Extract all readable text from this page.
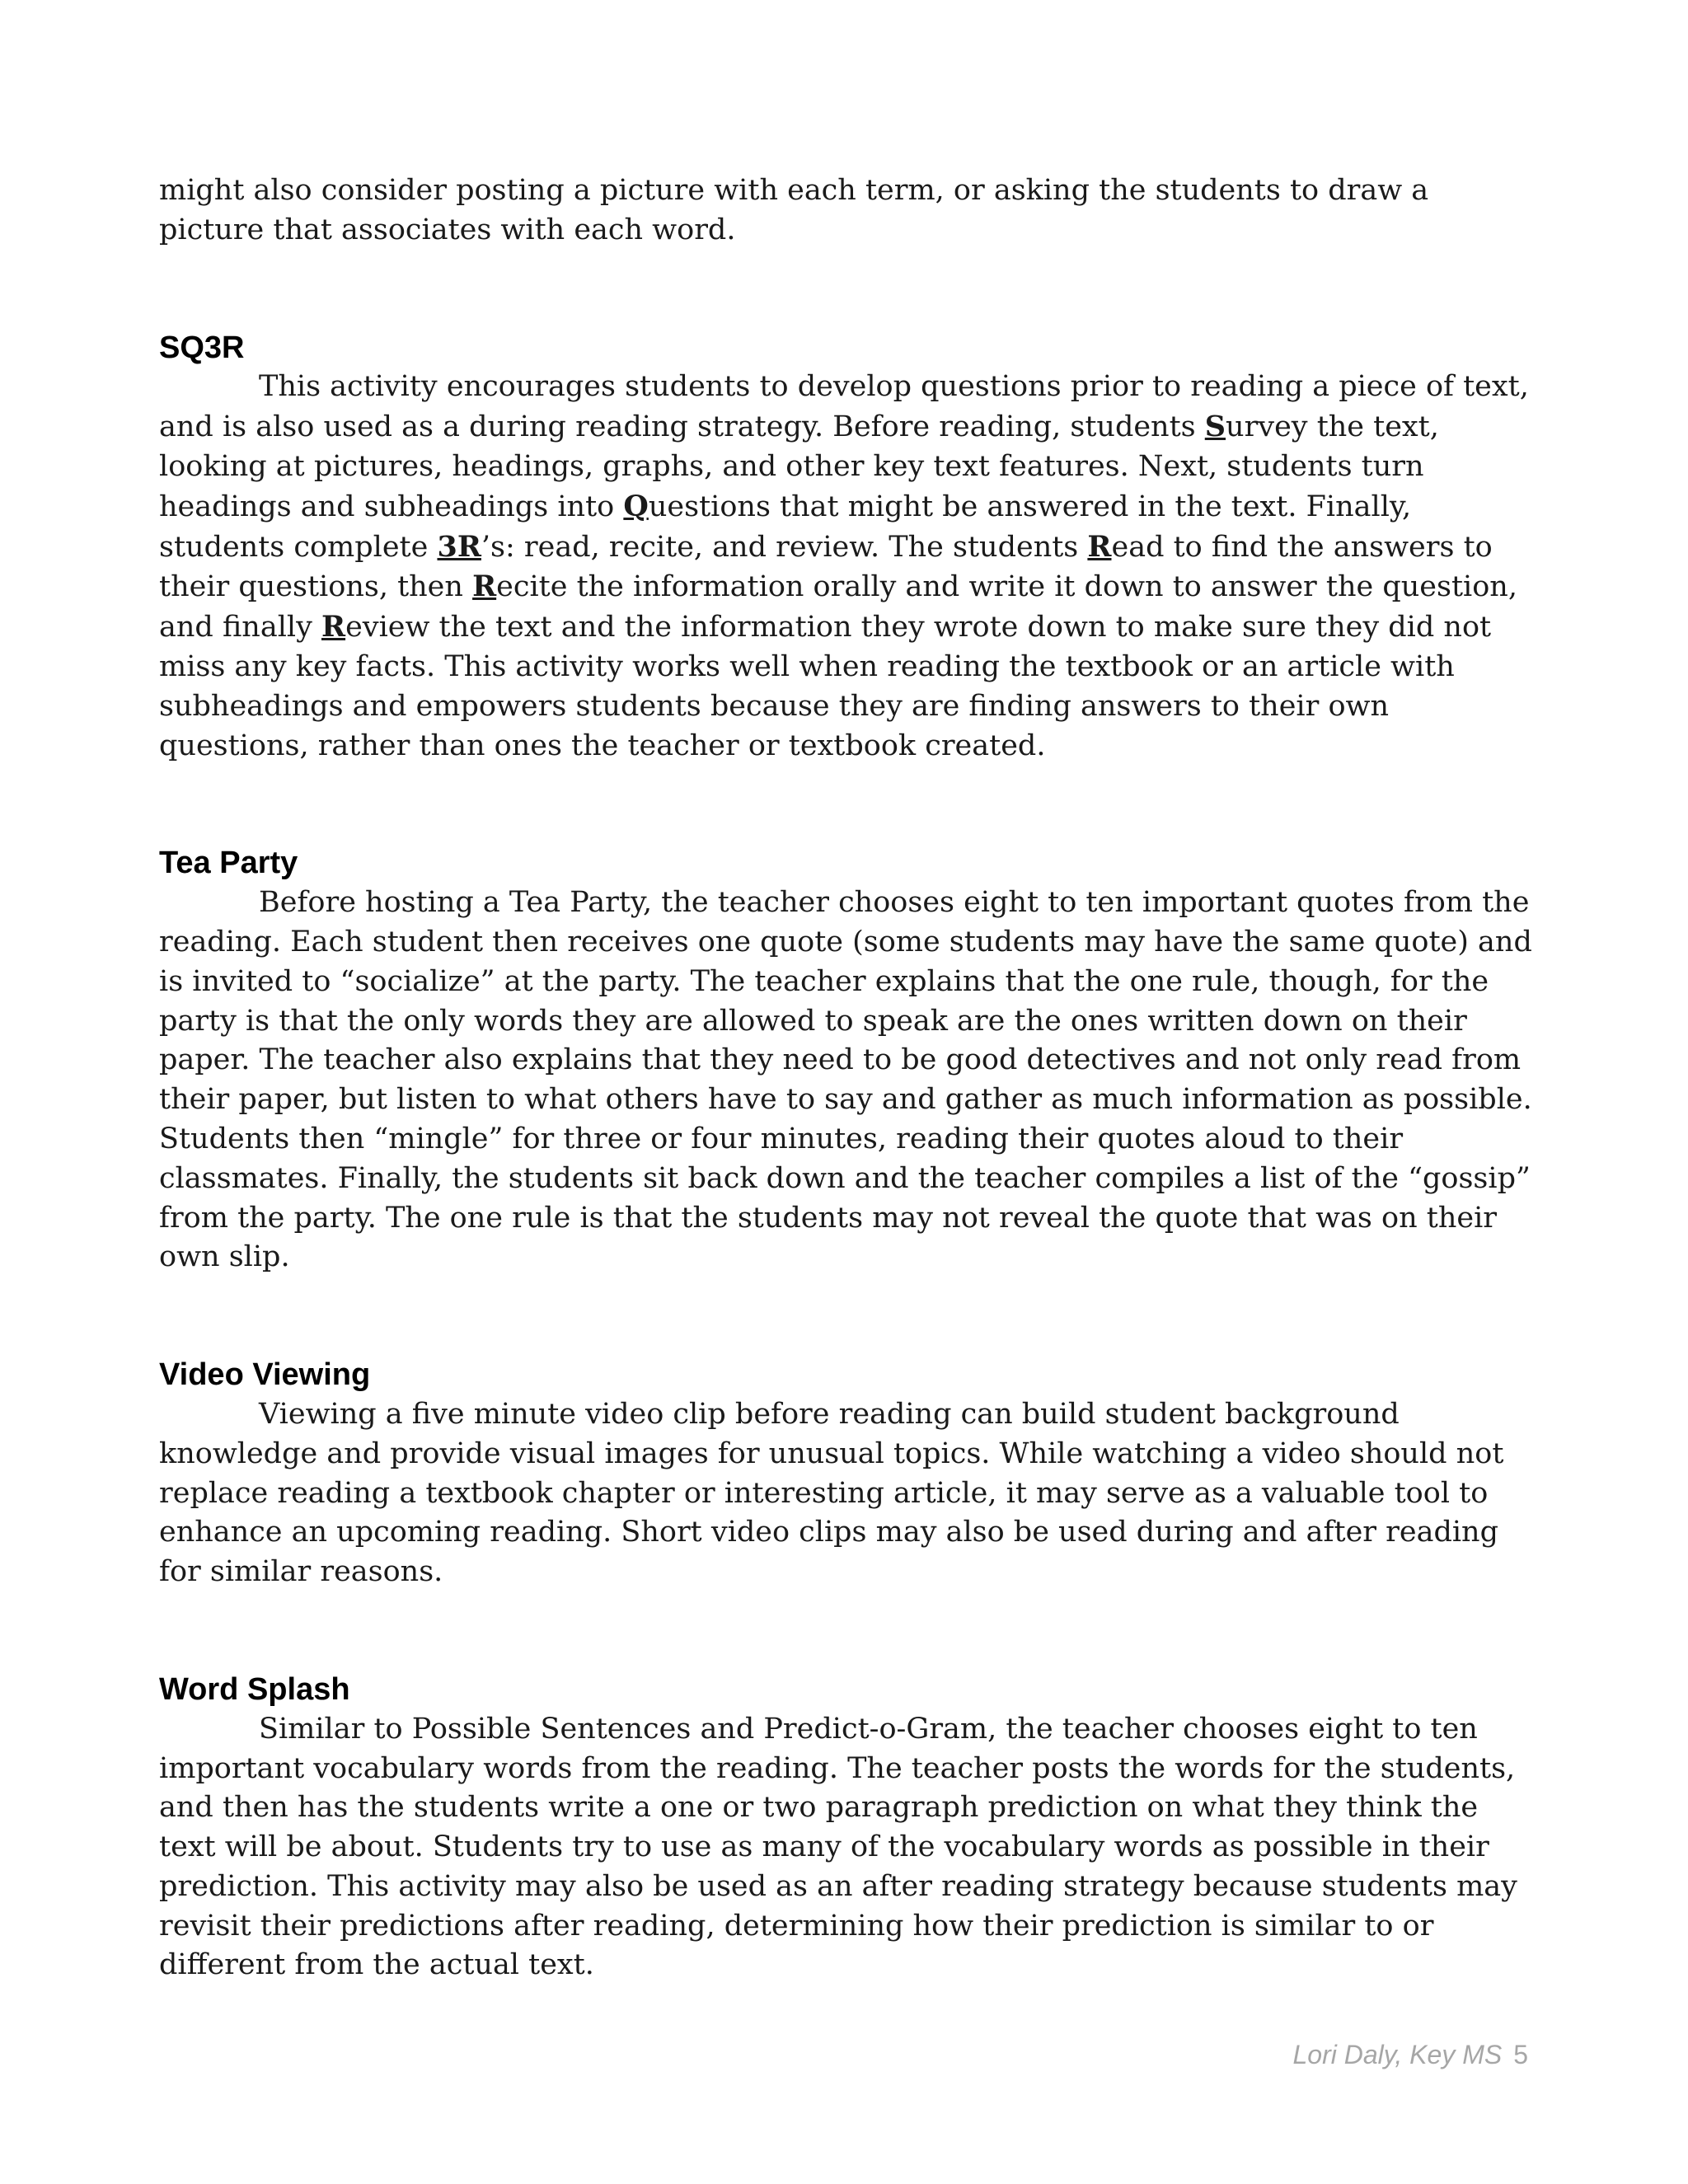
might also consider posting a picture with each term, or asking the students to draw a picture that associates with each word.

SQ3R

This activity encourages students to develop questions prior to reading a piece of text, and is also used as a during reading strategy. Before reading, students Survey the text, looking at pictures, headings, graphs, and other key text features. Next, students turn headings and subheadings into Questions that might be answered in the text. Finally, students complete 3R’s: read, recite, and review. The students Read to find the answers to their questions, then Recite the information orally and write it down to answer the question, and finally Review the text and the information they wrote down to make sure they did not miss any key facts. This activity works well when reading the textbook or an article with subheadings and empowers students because they are finding answers to their own questions, rather than ones the teacher or textbook created.

Tea Party

Before hosting a Tea Party, the teacher chooses eight to ten important quotes from the reading. Each student then receives one quote (some students may have the same quote) and is invited to “socialize” at the party. The teacher explains that the one rule, though, for the party is that the only words they are allowed to speak are the ones written down on their paper. The teacher also explains that they need to be good detectives and not only read from their paper, but listen to what others have to say and gather as much information as possible. Students then “mingle” for three or four minutes, reading their quotes aloud to their classmates. Finally, the students sit back down and the teacher compiles a list of the “gossip” from the party. The one rule is that the students may not reveal the quote that was on their own slip.

Video Viewing

Viewing a five minute video clip before reading can build student background knowledge and provide visual images for unusual topics. While watching a video should not replace reading a textbook chapter or interesting article, it may serve as a valuable tool to enhance an upcoming reading. Short video clips may also be used during and after reading for similar reasons.

Word Splash

Similar to Possible Sentences and Predict-o-Gram, the teacher chooses eight to ten important vocabulary words from the reading. The teacher posts the words for the students, and then has the students write a one or two paragraph prediction on what they think the text will be about. Students try to use as many of the vocabulary words as possible in their prediction. This activity may also be used as an after reading strategy because students may revisit their predictions after reading, determining how their prediction is similar to or different from the actual text.

Lori Daly, Key MS 5
